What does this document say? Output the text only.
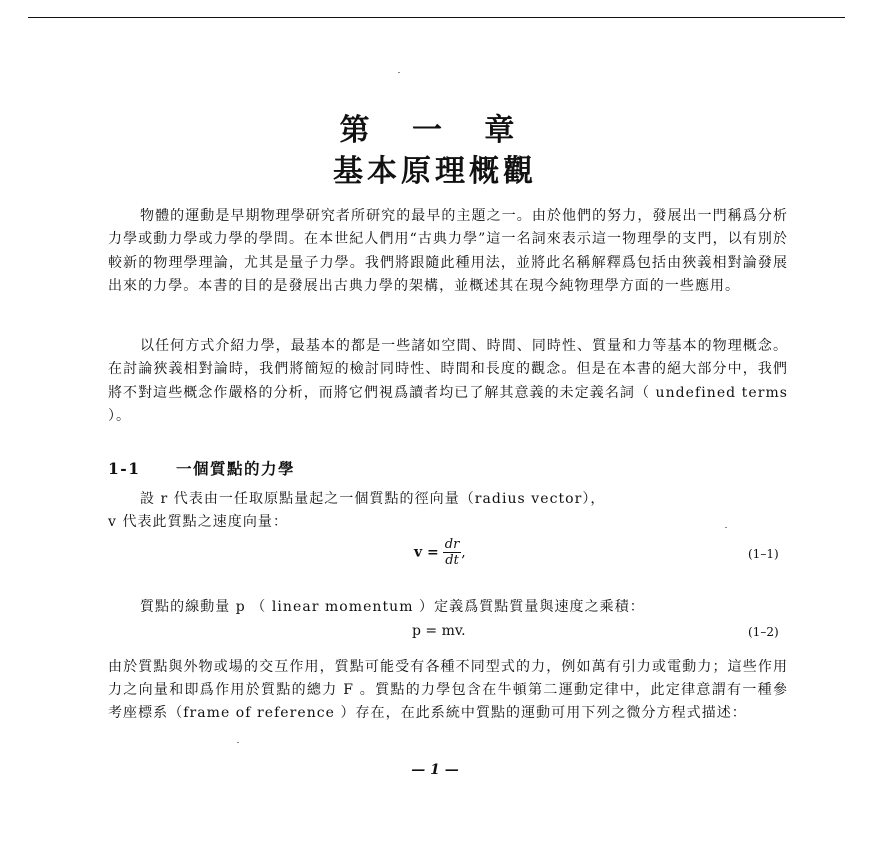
第 一 章
基本原理概觀
物體的運動是早期物理學研究者所研究的最早的主題之一。由於他們的努力，發展出一門稱爲分析力學或動力學或力學的學問。在本世紀人們用“古典力學”這一名詞來表示這一物理學的支門，以有別於較新的物理學理論，尤其是量子力學。我們將跟隨此種用法，並將此名稱解釋爲包括由狹義相對論發展出來的力學。本書的目的是發展出古典力學的架構，並概述其在現今純物理學方面的一些應用。
以任何方式介紹力學，最基本的都是一些諸如空間、時間、同時性、質量和力等基本的物理概念。在討論狹義相對論時，我們將簡短的檢討同時性、時間和長度的觀念。但是在本書的絕大部分中，我們將不對這些概念作嚴格的分析，而將它們視爲讀者均已了解其意義的未定義名詞（ undefined terms ）。
1-1 一個質點的力學
設 r 代表由一任取原點量起之一個質點的徑向量（radius vector），
v 代表此質點之速度向量：
$v = \frac{dr}{dt}$ ,	(1–1)
質點的線動量 p （ linear momentum ）定義爲質點質量與速度之乘積：
p = mv.	(1–2)
由於質點與外物或場的交互作用，質點可能受有各種不同型式的力，例如萬有引力或電動力；這些作用力之向量和即爲作用於質點的總力 F 。質點的力學包含在牛頓第二運動定律中，此定律意謂有一種參考座標系（frame of reference ）存在，在此系統中質點的運動可用下列之微分方程式描述：
— 1 —
